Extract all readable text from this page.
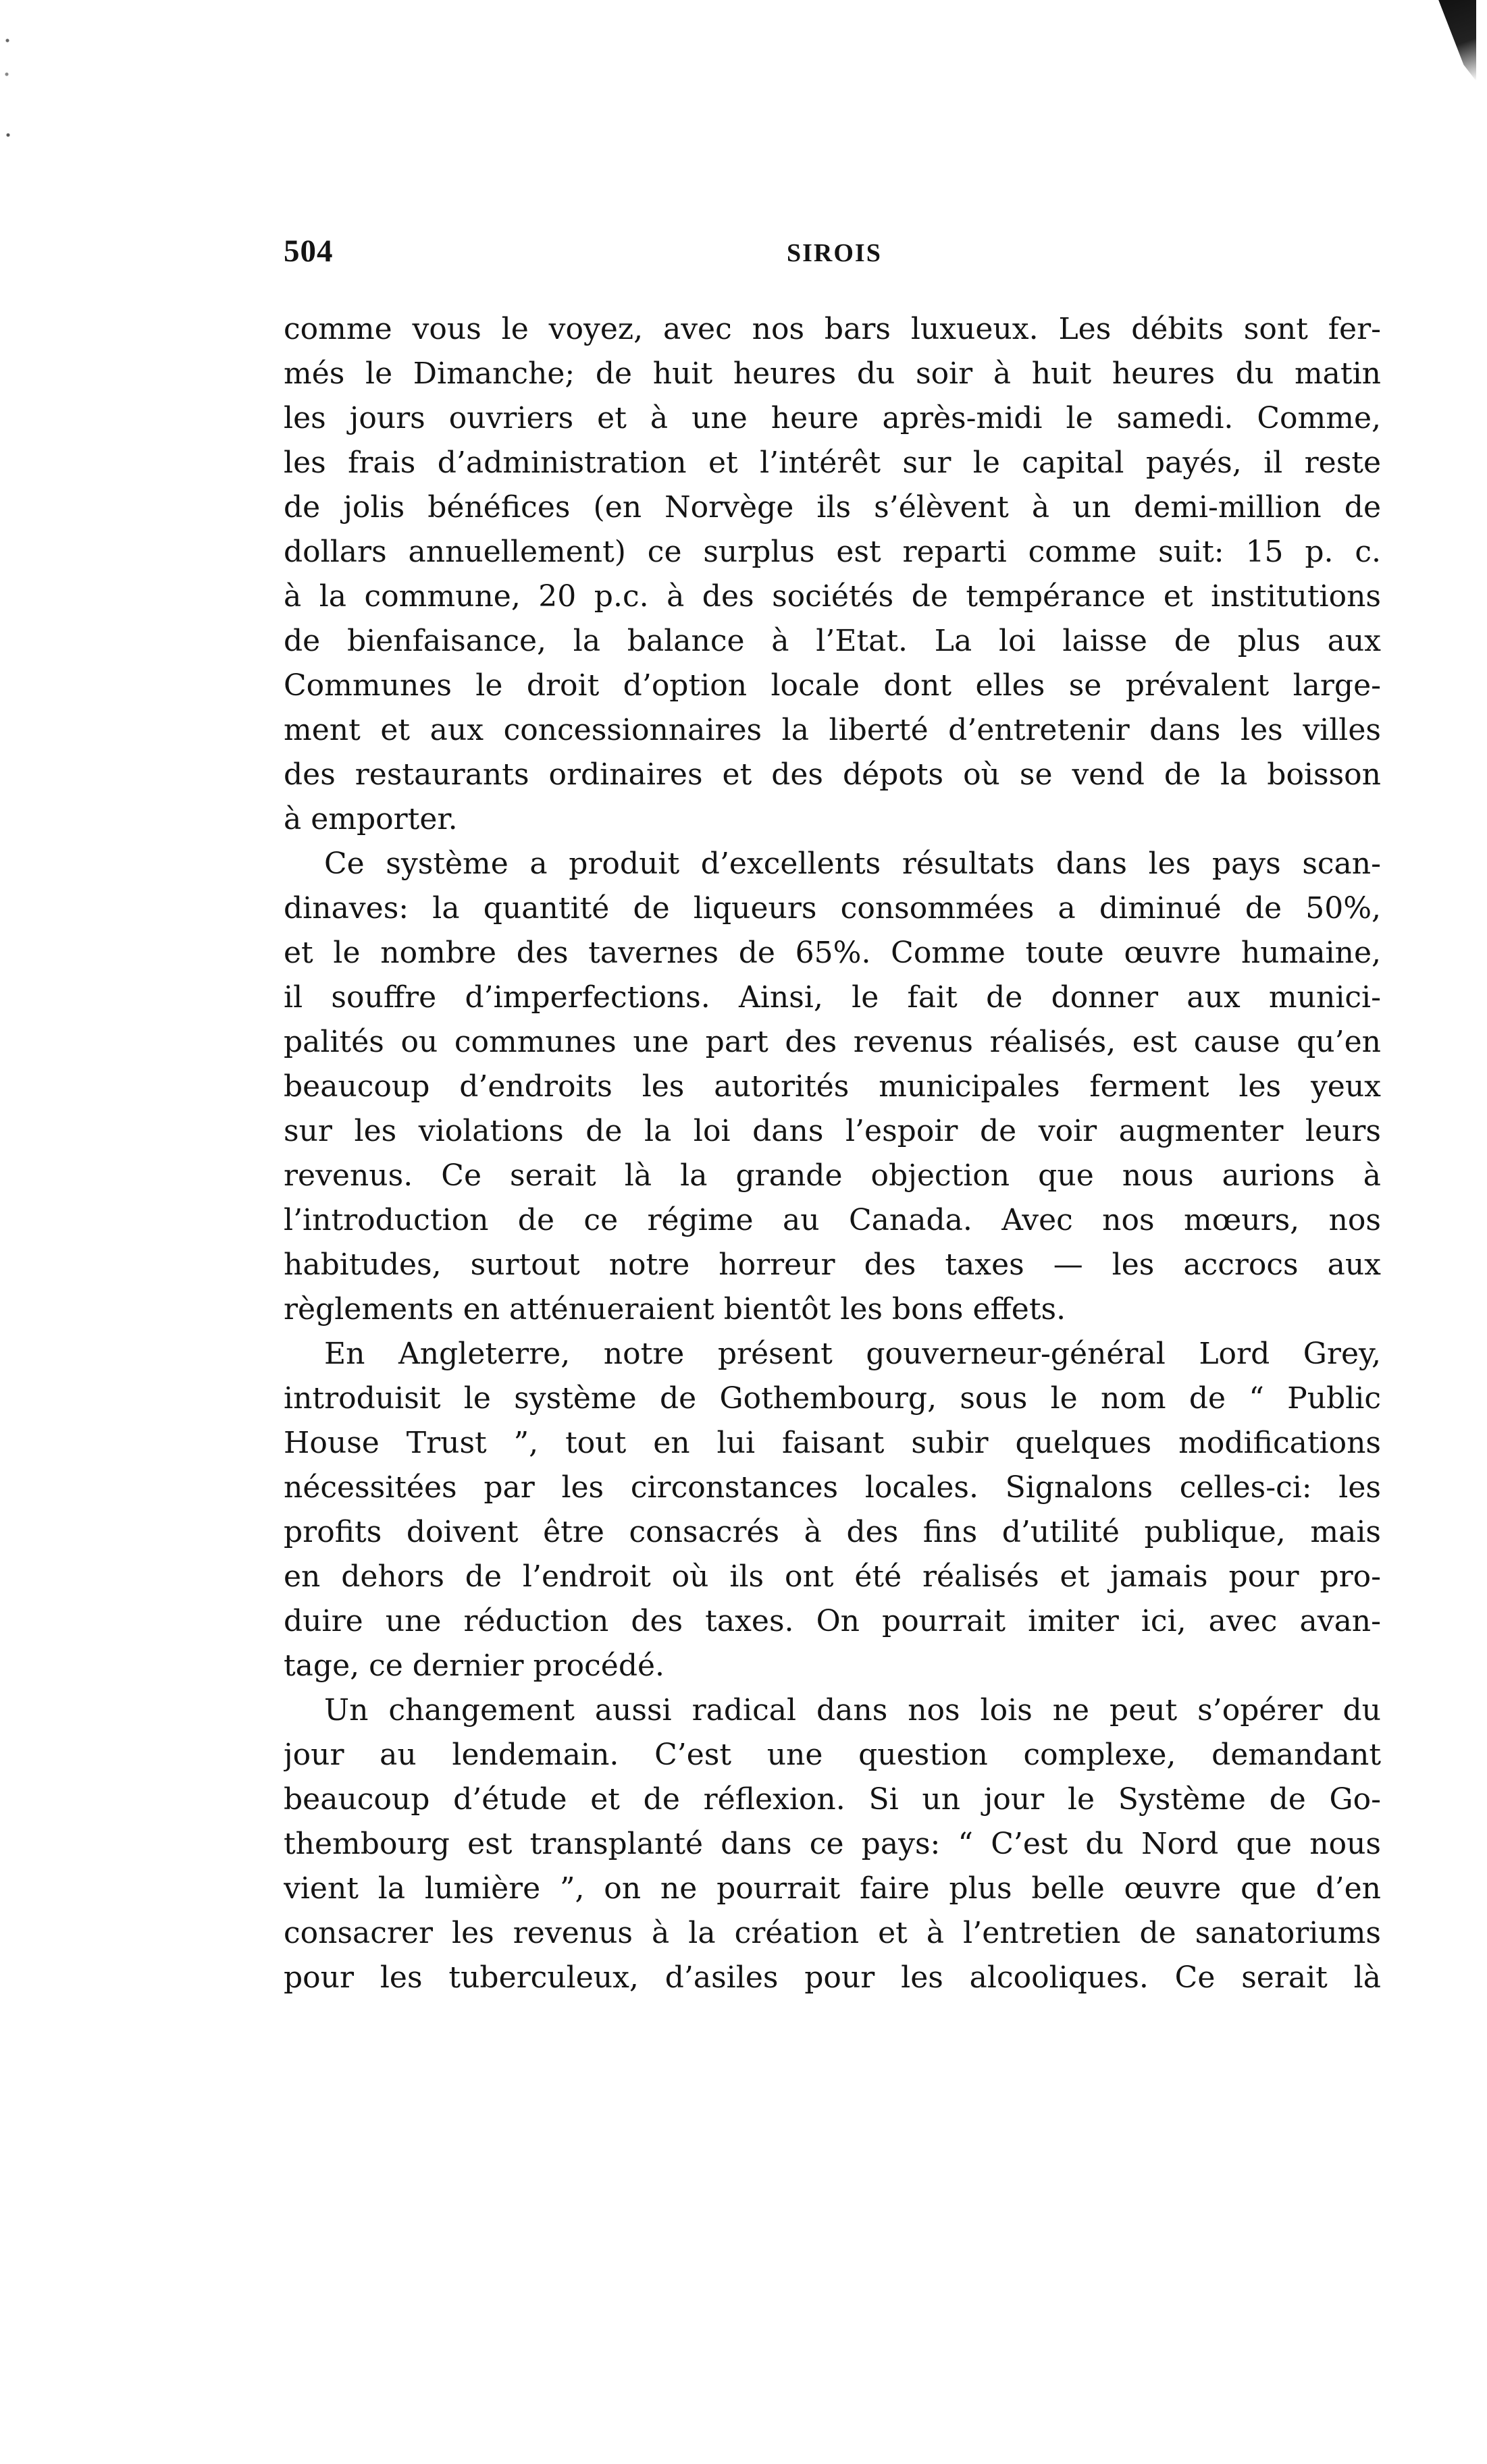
504	SIROIS
comme vous le voyez, avec nos bars luxueux. Les débits sont fer-
més le Dimanche; de huit heures du soir à huit heures du matin
les jours ouvriers et à une heure après-midi le samedi. Comme,
les frais d’administration et l’intérêt sur le capital payés, il reste
de jolis bénéfices (en Norvège ils s’élèvent à un demi-million de
dollars annuellement) ce surplus est reparti comme suit: 15 p. c.
à la commune, 20 p.c. à des sociétés de tempérance et institutions
de bienfaisance, la balance à l’Etat. La loi laisse de plus aux
Communes le droit d’option locale dont elles se prévalent large-
ment et aux concessionnaires la liberté d’entretenir dans les villes
des restaurants ordinaires et des dépots où se vend de la boisson
à emporter.
Ce système a produit d’excellents résultats dans les pays scan-
dinaves: la quantité de liqueurs consommées a diminué de 50%,
et le nombre des tavernes de 65%. Comme toute œuvre humaine,
il souffre d’imperfections. Ainsi, le fait de donner aux munici-
palités ou communes une part des revenus réalisés, est cause qu’en
beaucoup d’endroits les autorités municipales ferment les yeux
sur les violations de la loi dans l’espoir de voir augmenter leurs
revenus. Ce serait là la grande objection que nous aurions à
l’introduction de ce régime au Canada. Avec nos mœurs, nos
habitudes, surtout notre horreur des taxes — les accrocs aux
règlements en atténueraient bientôt les bons effets.
En Angleterre, notre présent gouverneur-général Lord Grey,
introduisit le système de Gothembourg, sous le nom de “ Public
House Trust ”, tout en lui faisant subir quelques modifications
nécessitées par les circonstances locales. Signalons celles-ci: les
profits doivent être consacrés à des fins d’utilité publique, mais
en dehors de l’endroit où ils ont été réalisés et jamais pour pro-
duire une réduction des taxes. On pourrait imiter ici, avec avan-
tage, ce dernier procédé.
Un changement aussi radical dans nos lois ne peut s’opérer du
jour au lendemain. C’est une question complexe, demandant
beaucoup d’étude et de réflexion. Si un jour le Système de Go-
thembourg est transplanté dans ce pays: “ C’est du Nord que nous
vient la lumière ”, on ne pourrait faire plus belle œuvre que d’en
consacrer les revenus à la création et à l’entretien de sanatoriums
pour les tuberculeux, d’asiles pour les alcooliques. Ce serait là
